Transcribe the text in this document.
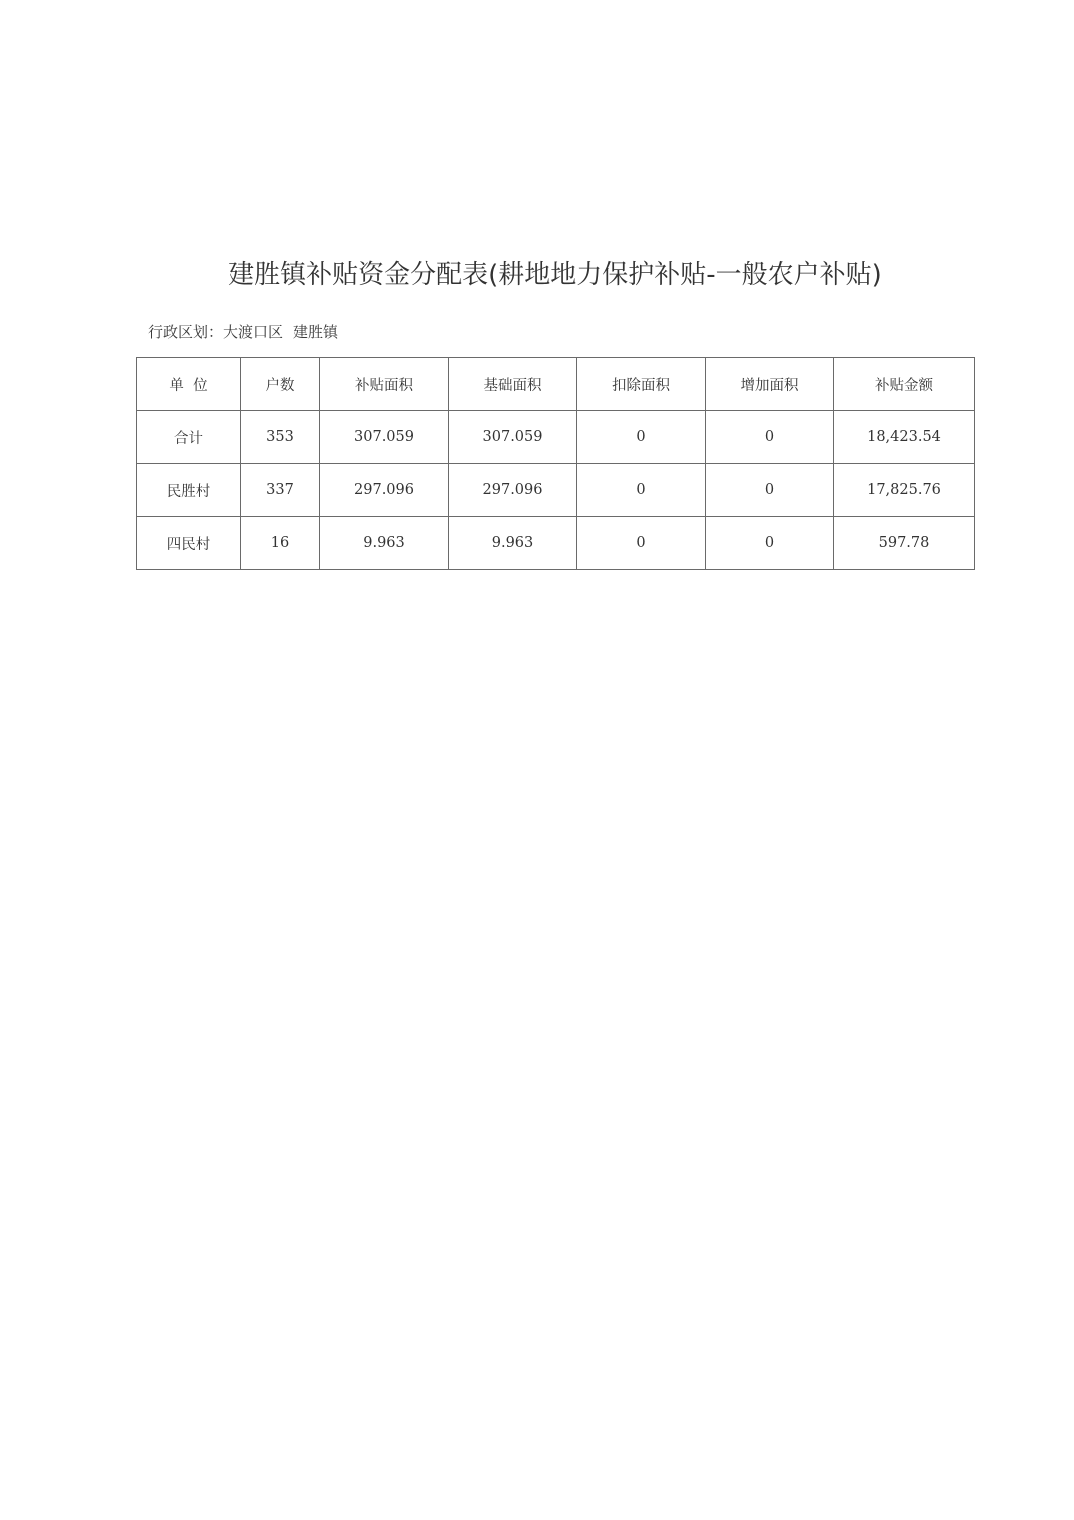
建胜镇补贴资金分配表(耕地地力保护补贴-一般农户补贴)
行政区划：大渡口区 建胜镇
单  位	户数	补贴面积	基础面积	扣除面积	增加面积	补贴金额
合计	353	307.059	307.059	0	0	18,423.54
民胜村	337	297.096	297.096	0	0	17,825.76
四民村	16	9.963	9.963	0	0	597.78
